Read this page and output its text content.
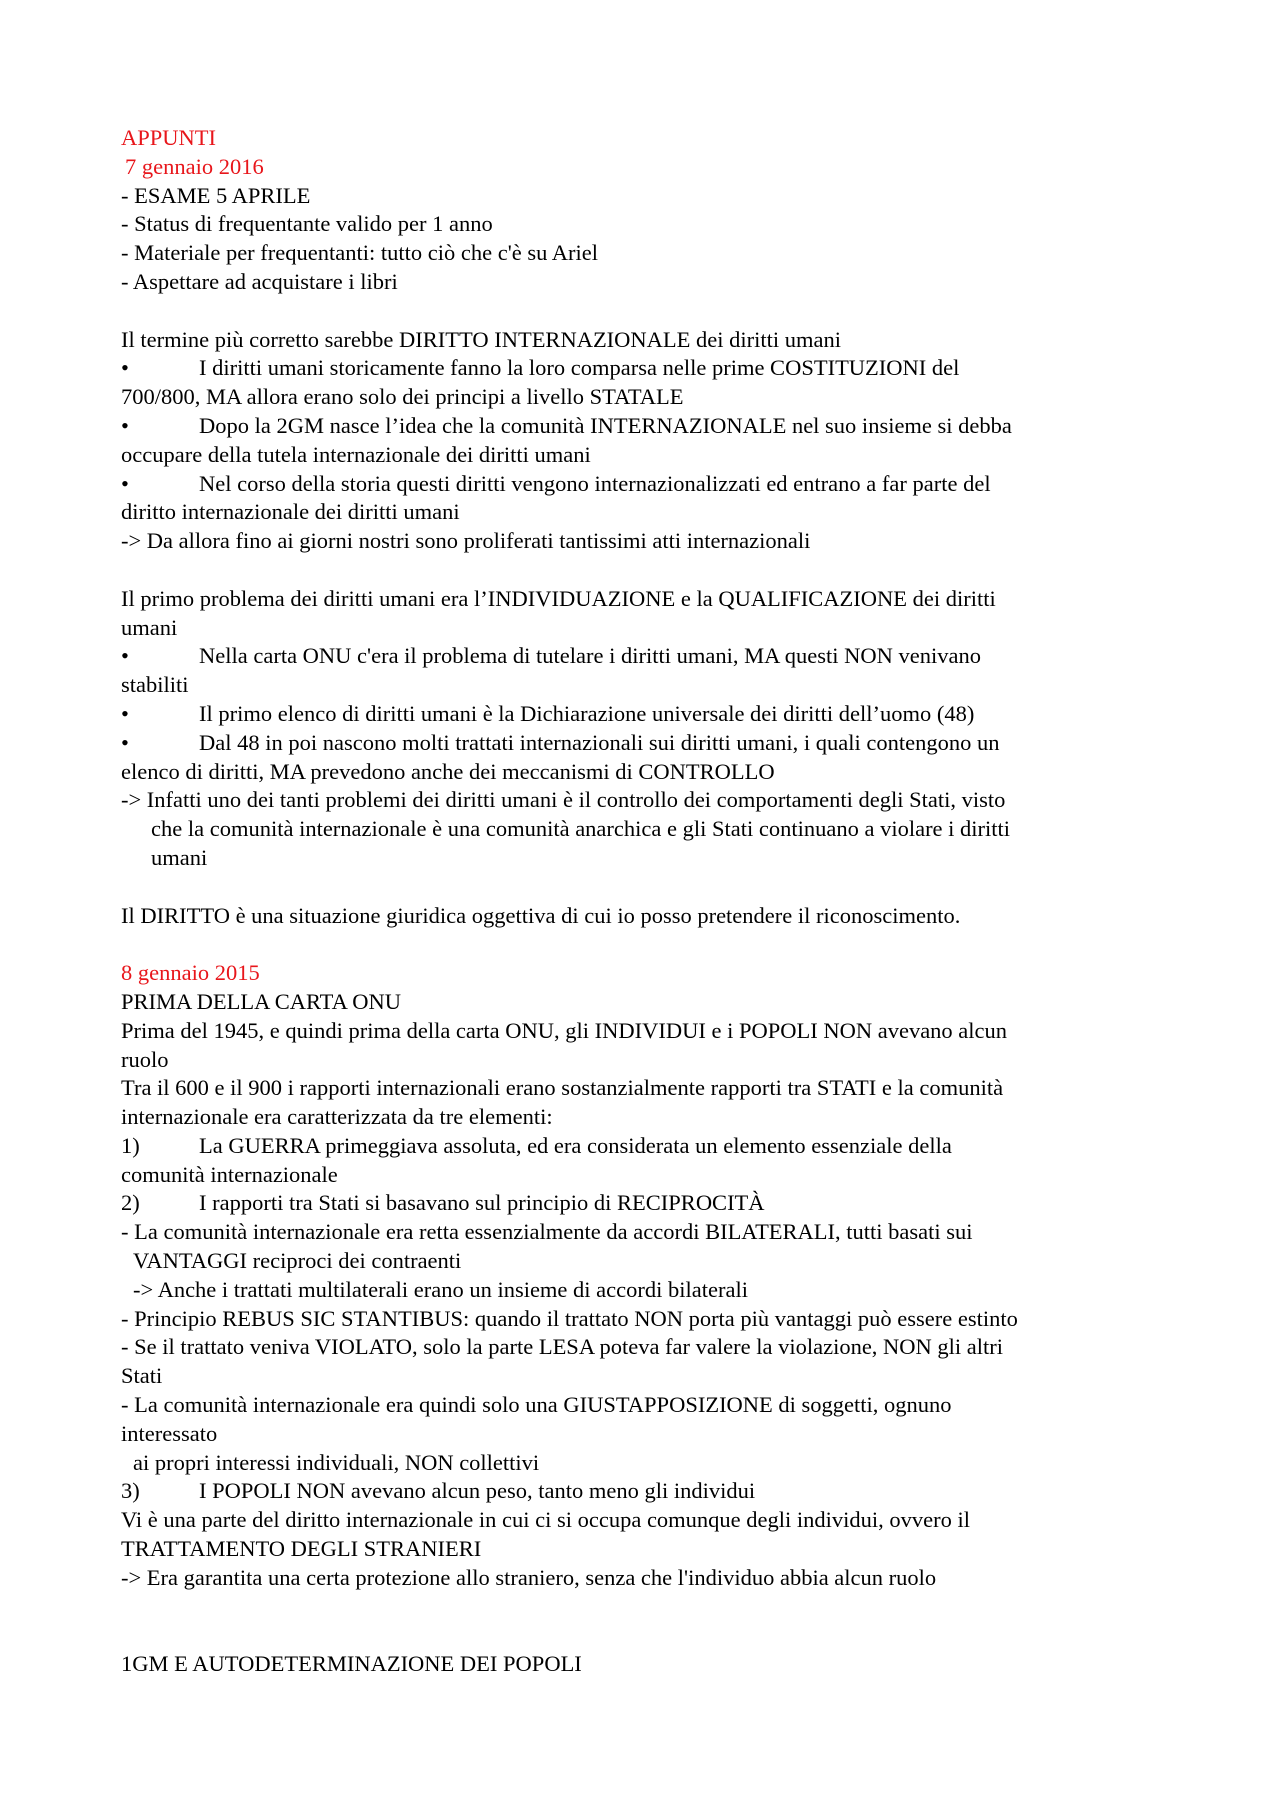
APPUNTI
7 gennaio 2016
- ESAME 5 APRILE
- Status di frequentante valido per 1 anno
- Materiale per frequentanti: tutto ciò che c'è su Ariel
- Aspettare ad acquistare i libri
Il termine più corretto sarebbe DIRITTO INTERNAZIONALE dei diritti umani
•	I diritti umani storicamente fanno la loro comparsa nelle prime COSTITUZIONI del
700/800, MA allora erano solo dei principi a livello STATALE
•	Dopo la 2GM nasce l’idea che la comunità INTERNAZIONALE nel suo insieme si debba
occupare della tutela internazionale dei diritti umani
•	Nel corso della storia questi diritti vengono internazionalizzati ed entrano a far parte del
diritto internazionale dei diritti umani
-> Da allora fino ai giorni nostri sono proliferati tantissimi atti internazionali
Il primo problema dei diritti umani era l’INDIVIDUAZIONE e la QUALIFICAZIONE dei diritti
umani
•	Nella carta ONU c'era il problema di tutelare i diritti umani, MA questi NON venivano
stabiliti
•	Il primo elenco di diritti umani è la Dichiarazione universale dei diritti dell’uomo (48)
•	Dal 48 in poi nascono molti trattati internazionali sui diritti umani, i quali contengono un
elenco di diritti, MA prevedono anche dei meccanismi di CONTROLLO
-> Infatti uno dei tanti problemi dei diritti umani è il controllo dei comportamenti degli Stati, visto
che la comunità internazionale è una comunità anarchica e gli Stati continuano a violare i diritti
umani
Il DIRITTO è una situazione giuridica oggettiva di cui io posso pretendere il riconoscimento.
8 gennaio 2015
PRIMA DELLA CARTA ONU
Prima del 1945, e quindi prima della carta ONU, gli INDIVIDUI e i POPOLI NON avevano alcun
ruolo
Tra il 600 e il 900 i rapporti internazionali erano sostanzialmente rapporti tra STATI e la comunità
internazionale era caratterizzata da tre elementi:
1)	La GUERRA primeggiava assoluta, ed era considerata un elemento essenziale della
comunità internazionale
2)	I rapporti tra Stati si basavano sul principio di RECIPROCITÀ
- La comunità internazionale era retta essenzialmente da accordi BILATERALI, tutti basati sui
VANTAGGI reciproci dei contraenti
-> Anche i trattati multilaterali erano un insieme di accordi bilaterali
- Principio REBUS SIC STANTIBUS: quando il trattato NON porta più vantaggi può essere estinto
- Se il trattato veniva VIOLATO, solo la parte LESA poteva far valere la violazione, NON gli altri
Stati
- La comunità internazionale era quindi solo una GIUSTAPPOSIZIONE di soggetti, ognuno
interessato
ai propri interessi individuali, NON collettivi
3)	I POPOLI NON avevano alcun peso, tanto meno gli individui
Vi è una parte del diritto internazionale in cui ci si occupa comunque degli individui, ovvero il
TRATTAMENTO DEGLI STRANIERI
-> Era garantita una certa protezione allo straniero, senza che l'individuo abbia alcun ruolo
1GM E AUTODETERMINAZIONE DEI POPOLI
